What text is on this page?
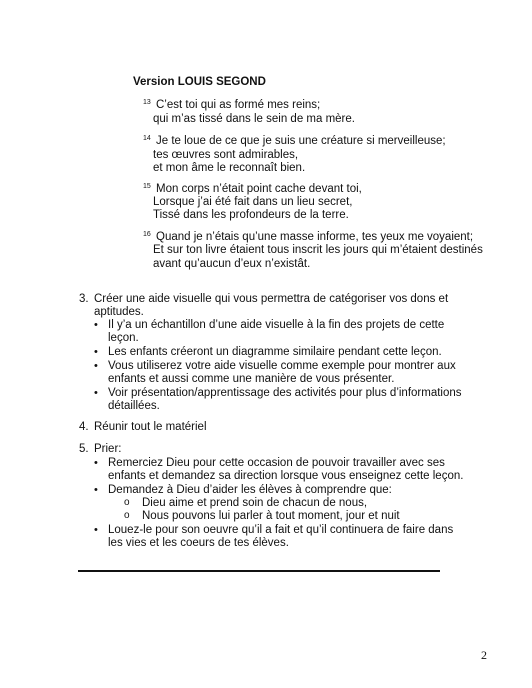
Version LOUIS SEGOND
$^{13}$ C’est toi qui as formé mes reins;
qui m’as tissé dans le sein de ma mère.
$^{14}$ Je te loue de ce que je suis une créature si merveilleuse;
tes œuvres sont admirables,
et mon âme le reconnaît bien.
$^{15}$ Mon corps n’était point cache devant toi,
Lorsque j’ai été fait dans un lieu secret,
Tissé dans les profondeurs de la terre.
$^{16}$ Quand je n’étais qu’une masse informe, tes yeux me voyaient;
Et sur ton livre étaient tous inscrit les jours qui m’étaient destinés
avant qu’aucun d’eux n’existât.
3. Créer une aide visuelle qui vous permettra de catégoriser vos dons et
aptitudes.
• Il y’a un échantillon d’une aide visuelle à la fin des projets de cette
leçon.
• Les enfants créeront un diagramme similaire pendant cette leçon.
• Vous utiliserez votre aide visuelle comme exemple pour montrer aux
enfants et aussi comme une manière de vous présenter.
• Voir présentation/apprentissage des activités pour plus d’informations
détaillées.
4. Réunir tout le matériel
5. Prier:
• Remerciez Dieu pour cette occasion de pouvoir travailler avec ses
enfants et demandez sa direction lorsque vous enseignez cette leçon.
• Demandez à Dieu d’aider les élèves à comprendre que:
o Dieu aime et prend soin de chacun de nous,
o Nous pouvons lui parler à tout moment, jour et nuit
• Louez-le pour son oeuvre qu’il a fait et qu’il continuera de faire dans
les vies et les coeurs de tes élèves.
2
